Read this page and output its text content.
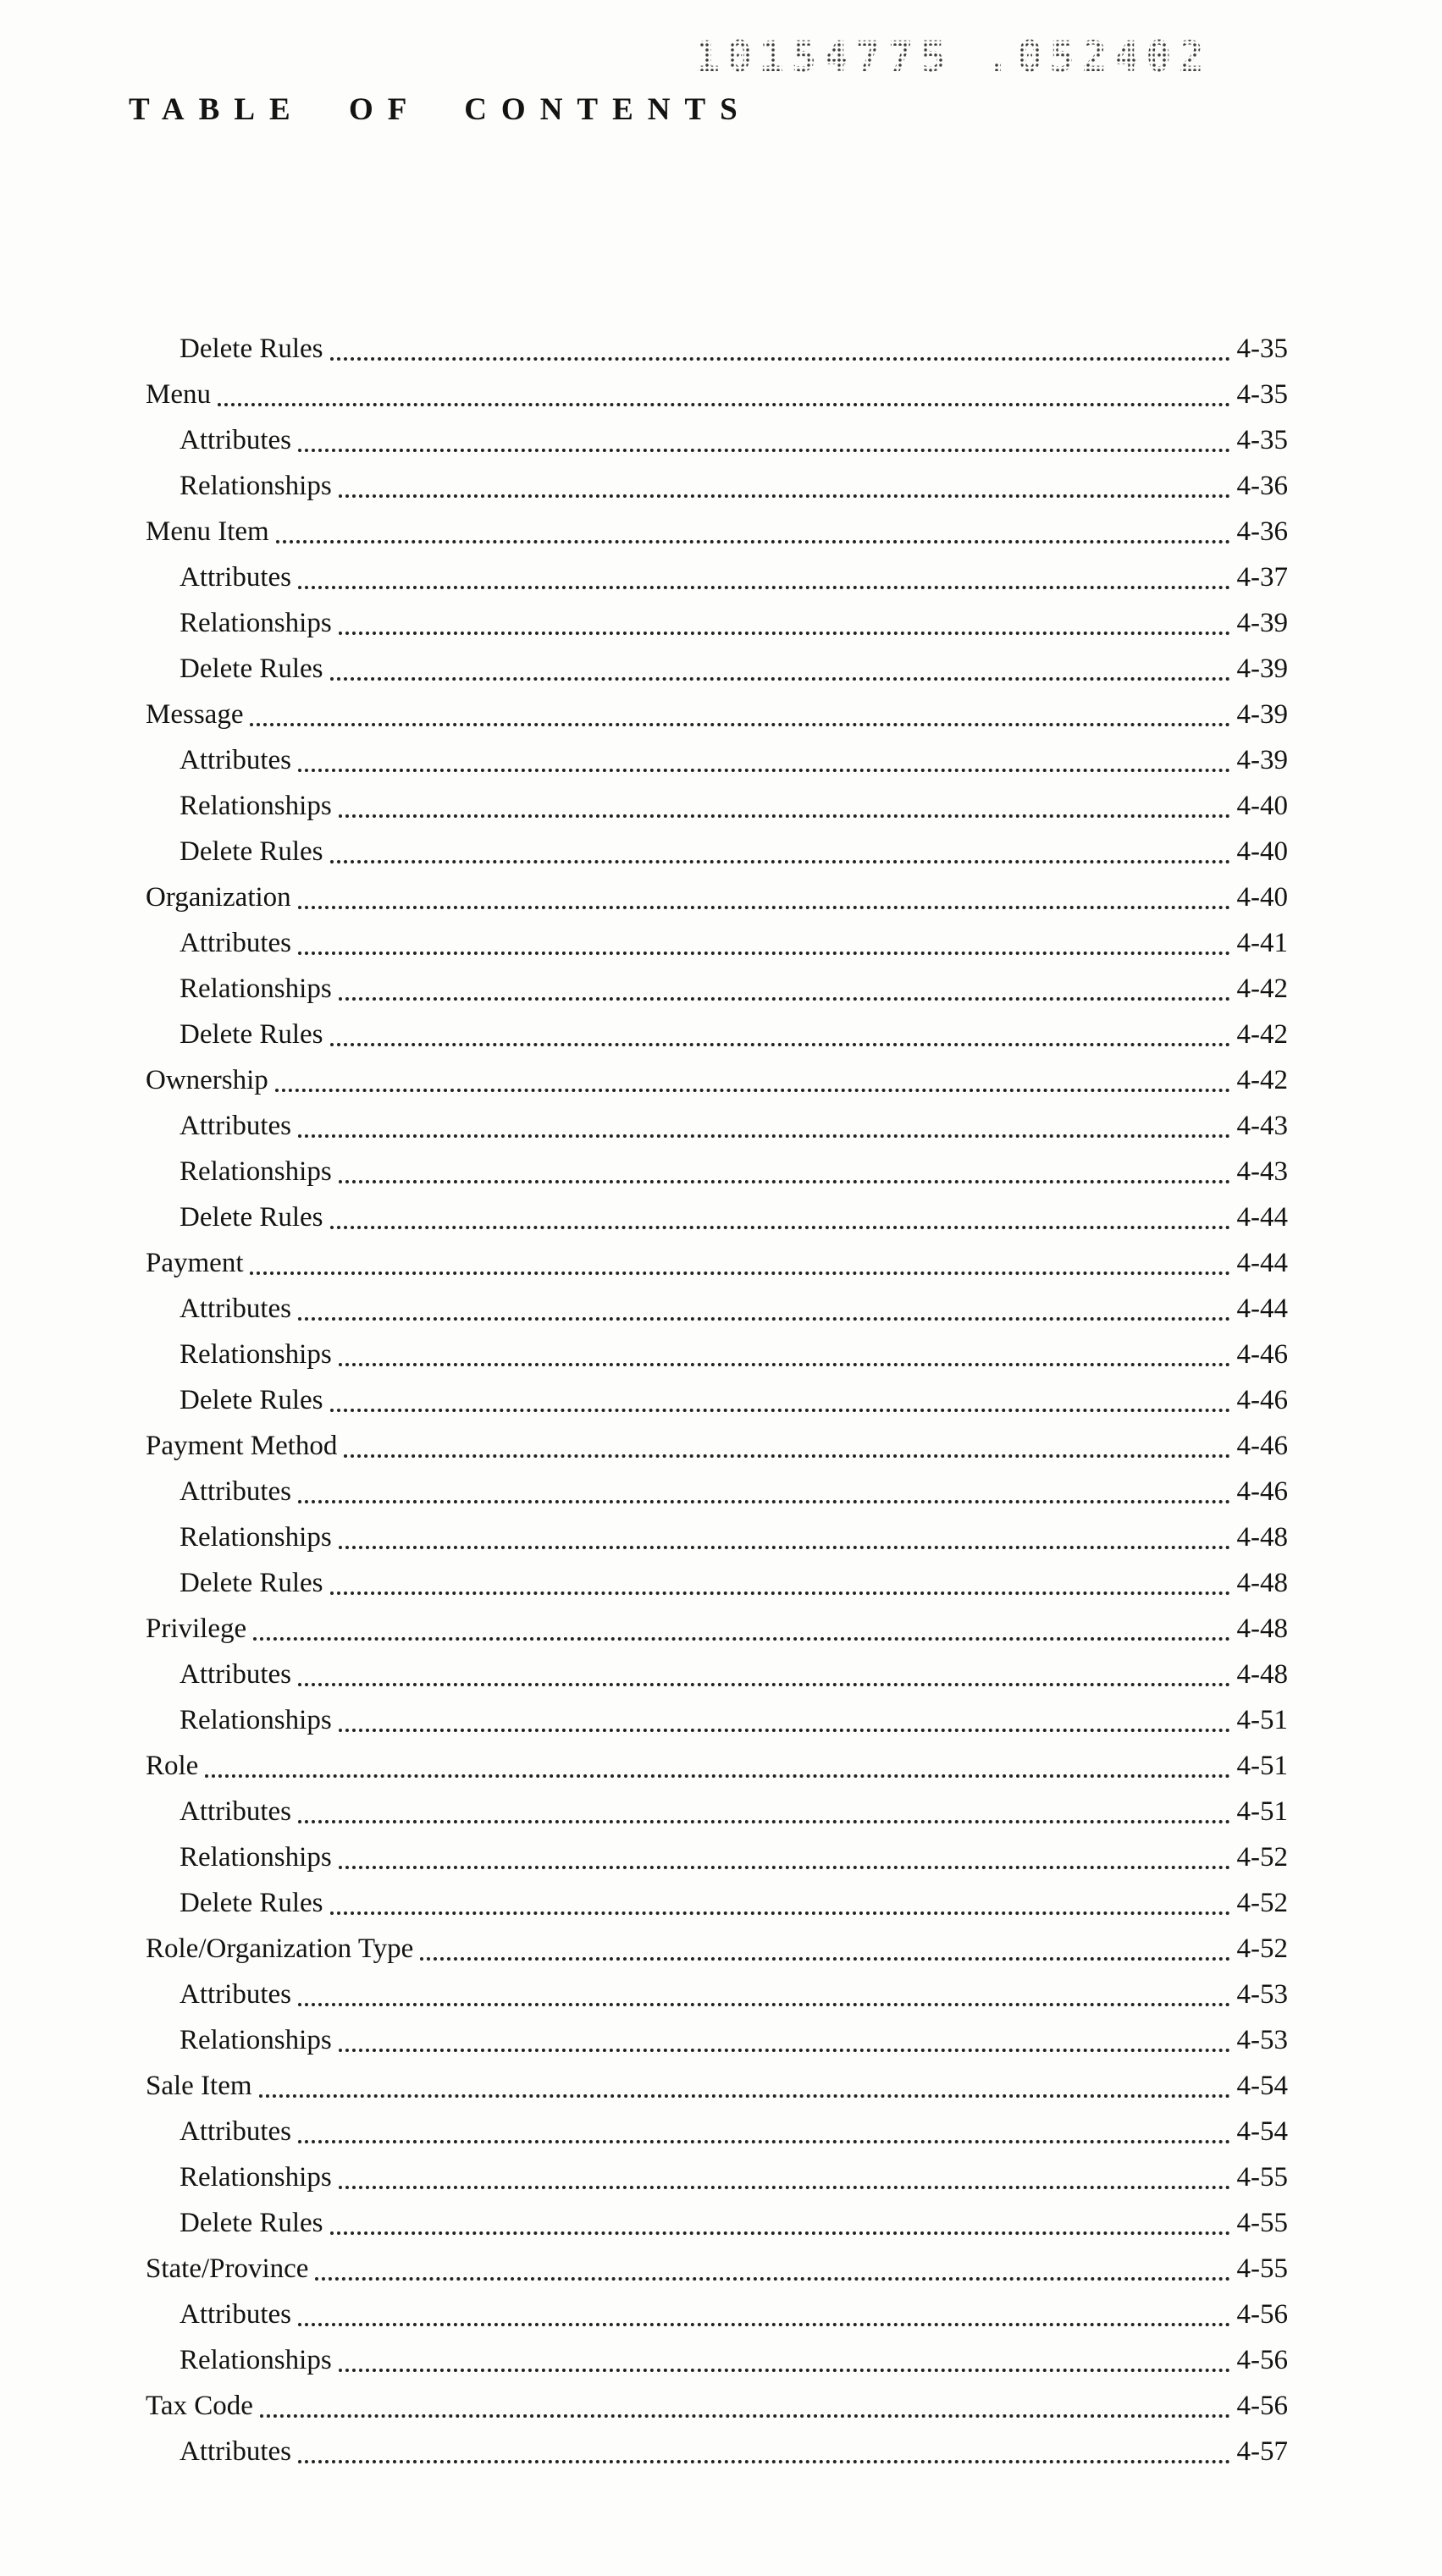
10154775 .052402
TABLE OF CONTENTS
Delete Rules	4-35
Menu	4-35
Attributes	4-35
Relationships	4-36
Menu Item	4-36
Attributes	4-37
Relationships	4-39
Delete Rules	4-39
Message	4-39
Attributes	4-39
Relationships	4-40
Delete Rules	4-40
Organization	4-40
Attributes	4-41
Relationships	4-42
Delete Rules	4-42
Ownership	4-42
Attributes	4-43
Relationships	4-43
Delete Rules	4-44
Payment	4-44
Attributes	4-44
Relationships	4-46
Delete Rules	4-46
Payment Method	4-46
Attributes	4-46
Relationships	4-48
Delete Rules	4-48
Privilege	4-48
Attributes	4-48
Relationships	4-51
Role	4-51
Attributes	4-51
Relationships	4-52
Delete Rules	4-52
Role/Organization Type	4-52
Attributes	4-53
Relationships	4-53
Sale Item	4-54
Attributes	4-54
Relationships	4-55
Delete Rules	4-55
State/Province	4-55
Attributes	4-56
Relationships	4-56
Tax Code	4-56
Attributes	4-57
